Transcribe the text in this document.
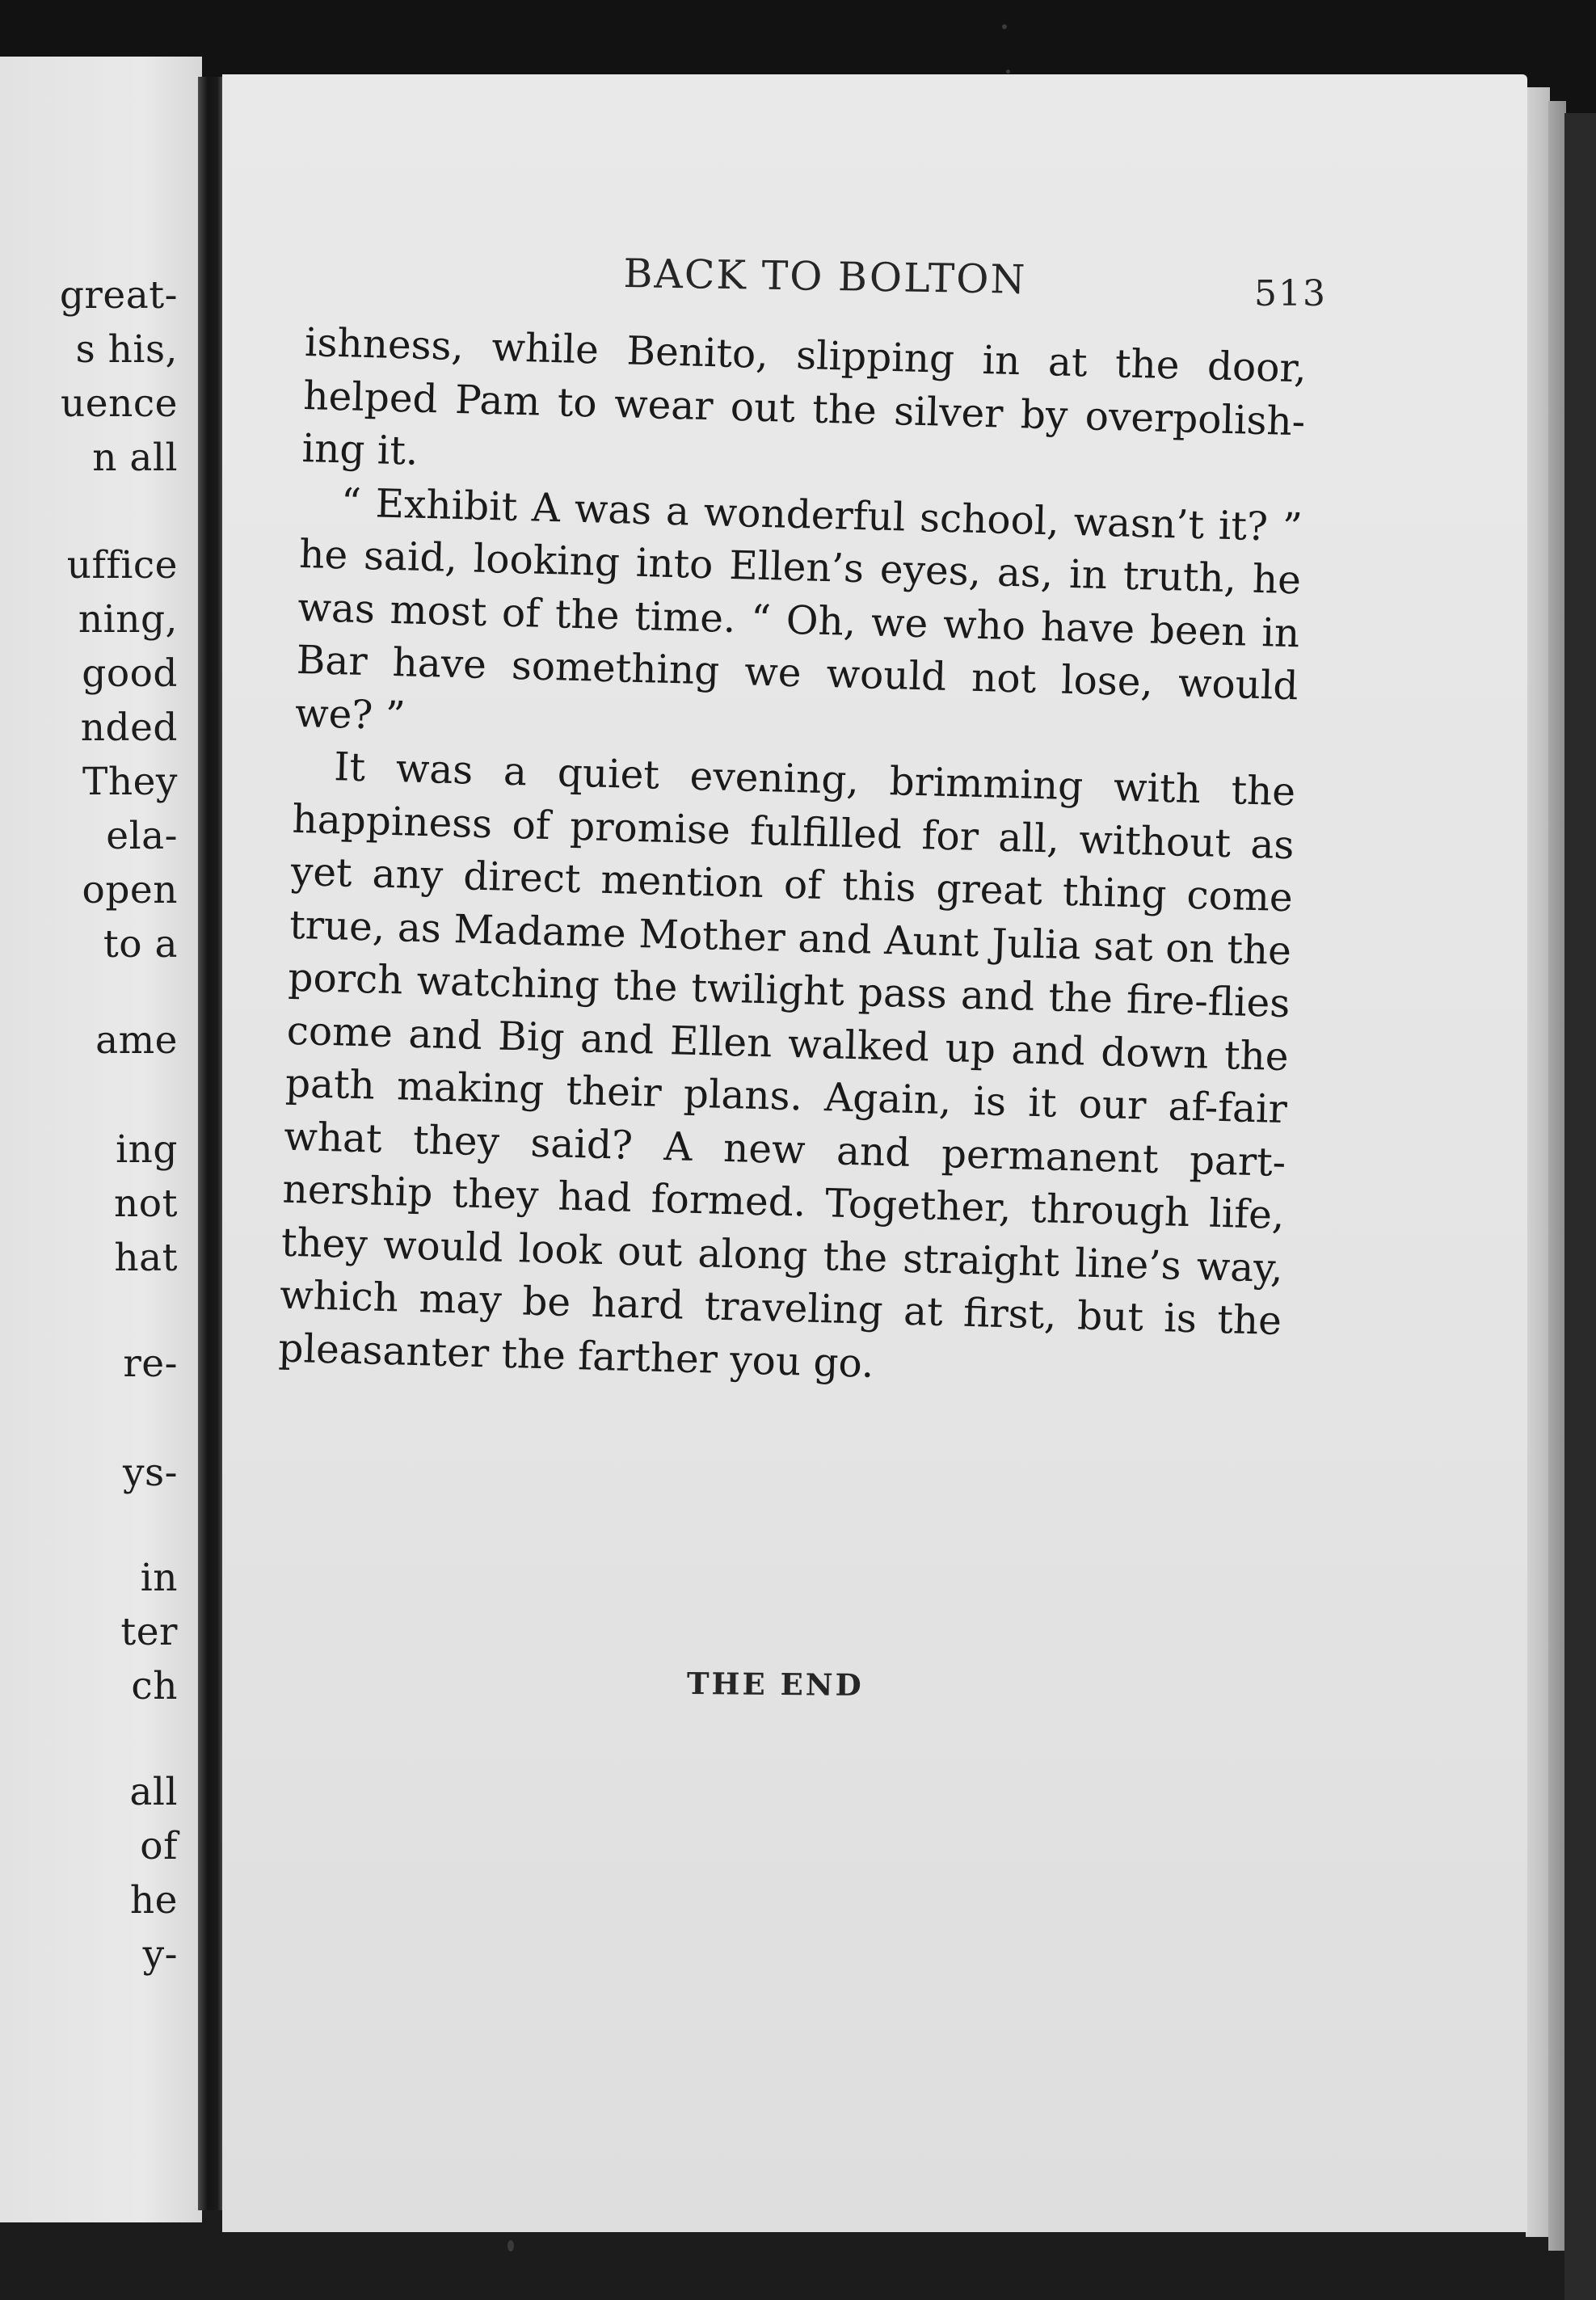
great-
s his,
uence
n all
uffice
ning,
good
nded
They
ela-
open
to a
ame
ing
not
hat
re-
ys-
in
ter
ch
all
of
he
y-
BACK TO BOLTON	513

ishness, while Benito, slipping in at the door, helped Pam to wear out the silver by overpolish-ing it.

“ Exhibit A was a wonderful school, wasn’t it? ” he said, looking into Ellen’s eyes, as, in truth, he was most of the time. “ Oh, we who have been in Bar have something we would not lose, would we? ”

It was a quiet evening, brimming with the happiness of promise fulfilled for all, without as yet any direct mention of this great thing come true, as Madame Mother and Aunt Julia sat on the porch watching the twilight pass and the fire-flies come and Big and Ellen walked up and down the path making their plans. Again, is it our af-fair what they said? A new and permanent part-nership they had formed. Together, through life, they would look out along the straight line’s way, which may be hard traveling at first, but is the pleasanter the farther you go.

THE END
